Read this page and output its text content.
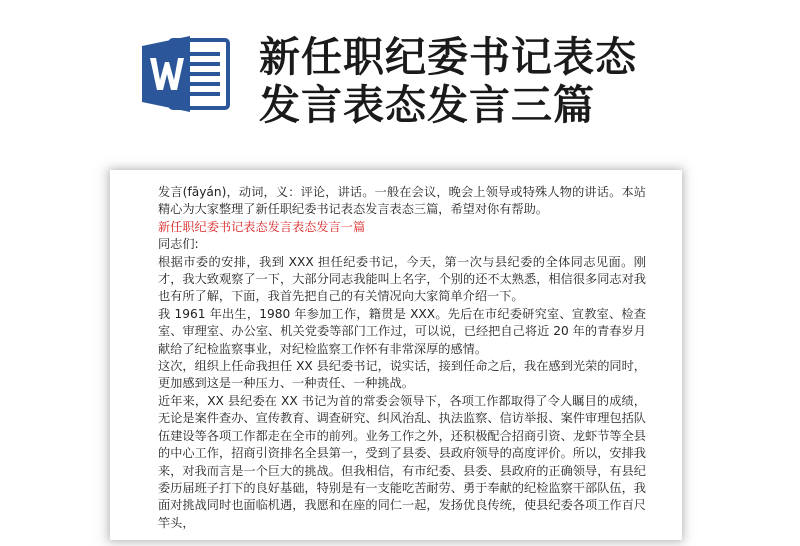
新任职纪委书记表态
发言表态发言三篇

发言(fāyán)，动词，义：评论，讲话。一般在会议，晚会上领导或特殊人物的讲话。本站精心为大家整理了新任职纪委书记表态发言表态三篇，希望对你有帮助。

新任职纪委书记表态发言表态发言一篇

同志们:

根据市委的安排，我到 XXX 担任纪委书记，今天，第一次与县纪委的全体同志见面。刚才，我大致观察了一下，大部分同志我能叫上名字，个别的还不太熟悉，相信很多同志对我也有所了解，下面，我首先把自己的有关情况向大家简单介绍一下。

我 1961 年出生，1980 年参加工作，籍贯是 XXX。先后在市纪委研究室、宣教室、检查室、审理室、办公室、机关党委等部门工作过，可以说，已经把自己将近 20 年的青春岁月献给了纪检监察事业，对纪检监察工作怀有非常深厚的感情。

这次，组织上任命我担任 XX 县纪委书记，说实话，接到任命之后，我在感到光荣的同时，更加感到这是一种压力、一种责任、一种挑战。

近年来，XX 县纪委在 XX 书记为首的常委会领导下，各项工作都取得了令人瞩目的成绩，无论是案件查办、宣传教育、调查研究、纠风治乱、执法监察、信访举报、案件审理包括队伍建设等各项工作都走在全市的前列。业务工作之外，还积极配合招商引资、龙虾节等全县的中心工作，招商引资排名全县第一，受到了县委、县政府领导的高度评价。所以，安排我来，对我而言是一个巨大的挑战。但我相信，有市纪委、县委、县政府的正确领导，有县纪委历届班子打下的良好基础，特别是有一支能吃苦耐劳、勇于奉献的纪检监察干部队伍，我面对挑战同时也面临机遇，我愿和在座的同仁一起，发扬优良传统，使县纪委各项工作百尺竿头，
